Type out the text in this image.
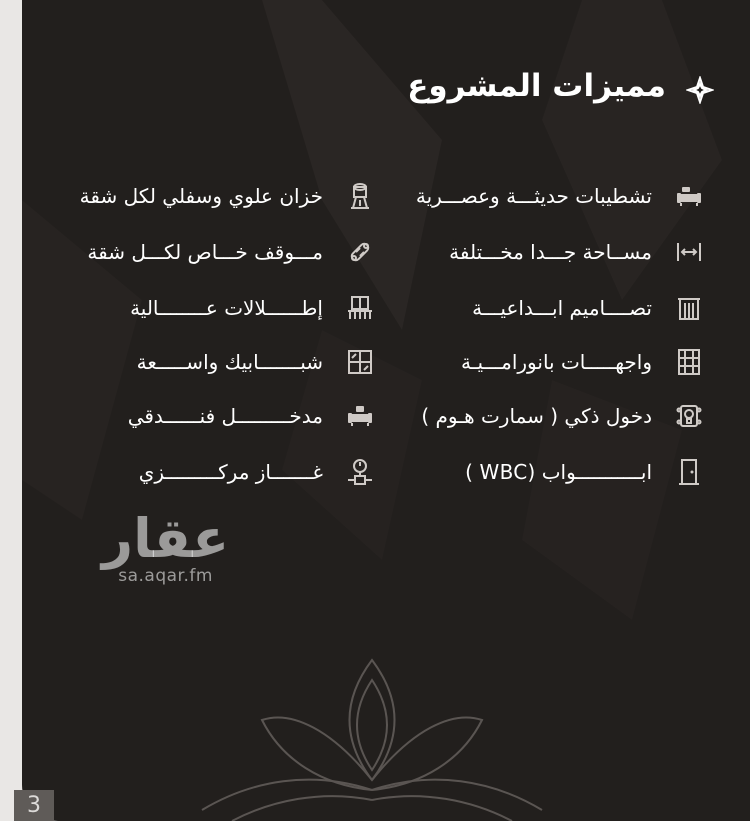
مميزات المشروع
تشطيبات حديثـــة وعصـــرية
مســاحة جـــدا مخـــتلفة
تصــــاميم ابـــداعيـــة
واجهـــــات بانورامـــيـة
دخول ذكي ( سمارت هـوم )
ابـــــــــــواب (WBC )
خزان علوي وسفلي لكل شقة
مـــوقف خـــاص لكـــل شقة
إطــــــلالات عــــــــالية
شبـــــــابيك واســـــعة
مدخـــــــــل فنــــــدقي
غـــــــاز مركـــــــــزي
عقار
sa.aqar.fm
3
